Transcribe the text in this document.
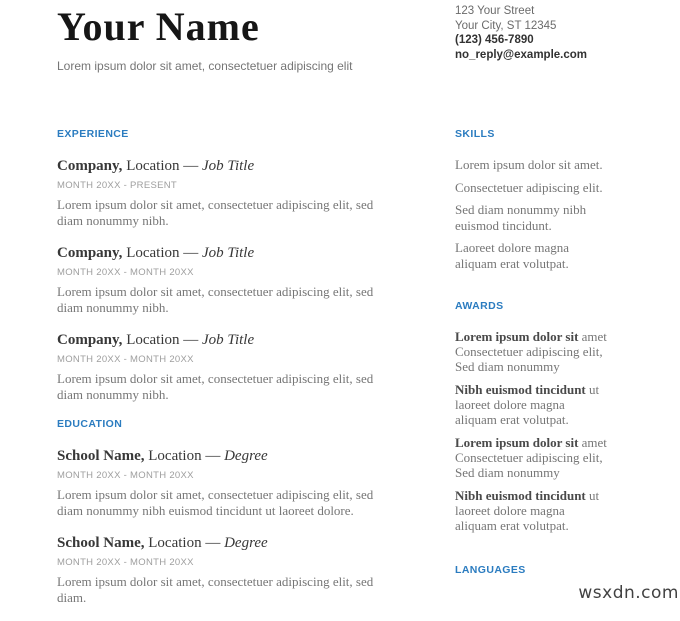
Your Name

Lorem ipsum dolor sit amet, consectetuer adipiscing elit

123 Your Street
Your City, ST 12345
(123) 456-7890
no_reply@example.com
EXPERIENCE
Company, Location — Job Title
MONTH 20XX - PRESENT

Lorem ipsum dolor sit amet, consectetuer adipiscing elit, sed diam nonummy nibh.

Company, Location — Job Title
MONTH 20XX - MONTH 20XX

Lorem ipsum dolor sit amet, consectetuer adipiscing elit, sed diam nonummy nibh.

Company, Location — Job Title
MONTH 20XX - MONTH 20XX

Lorem ipsum dolor sit amet, consectetuer adipiscing elit, sed diam nonummy nibh.

EDUCATION
School Name, Location — Degree
MONTH 20XX - MONTH 20XX

Lorem ipsum dolor sit amet, consectetuer adipiscing elit, sed diam nonummy nibh euismod tincidunt ut laoreet dolore.

School Name, Location — Degree
MONTH 20XX - MONTH 20XX

Lorem ipsum dolor sit amet, consectetuer adipiscing elit, sed diam.

SKILLS

Lorem ipsum dolor sit amet.

Consectetuer adipiscing elit.

Sed diam nonummy nibh euismod tincidunt.

Laoreet dolore magna aliquam erat volutpat.

AWARDS

Lorem ipsum dolor sit amet Consectetuer adipiscing elit, Sed diam nonummy

Nibh euismod tincidunt ut laoreet dolore magna aliquam erat volutpat.

Lorem ipsum dolor sit amet Consectetuer adipiscing elit, Sed diam nonummy

Nibh euismod tincidunt ut laoreet dolore magna aliquam erat volutpat.

LANGUAGES
wsxdn.com
